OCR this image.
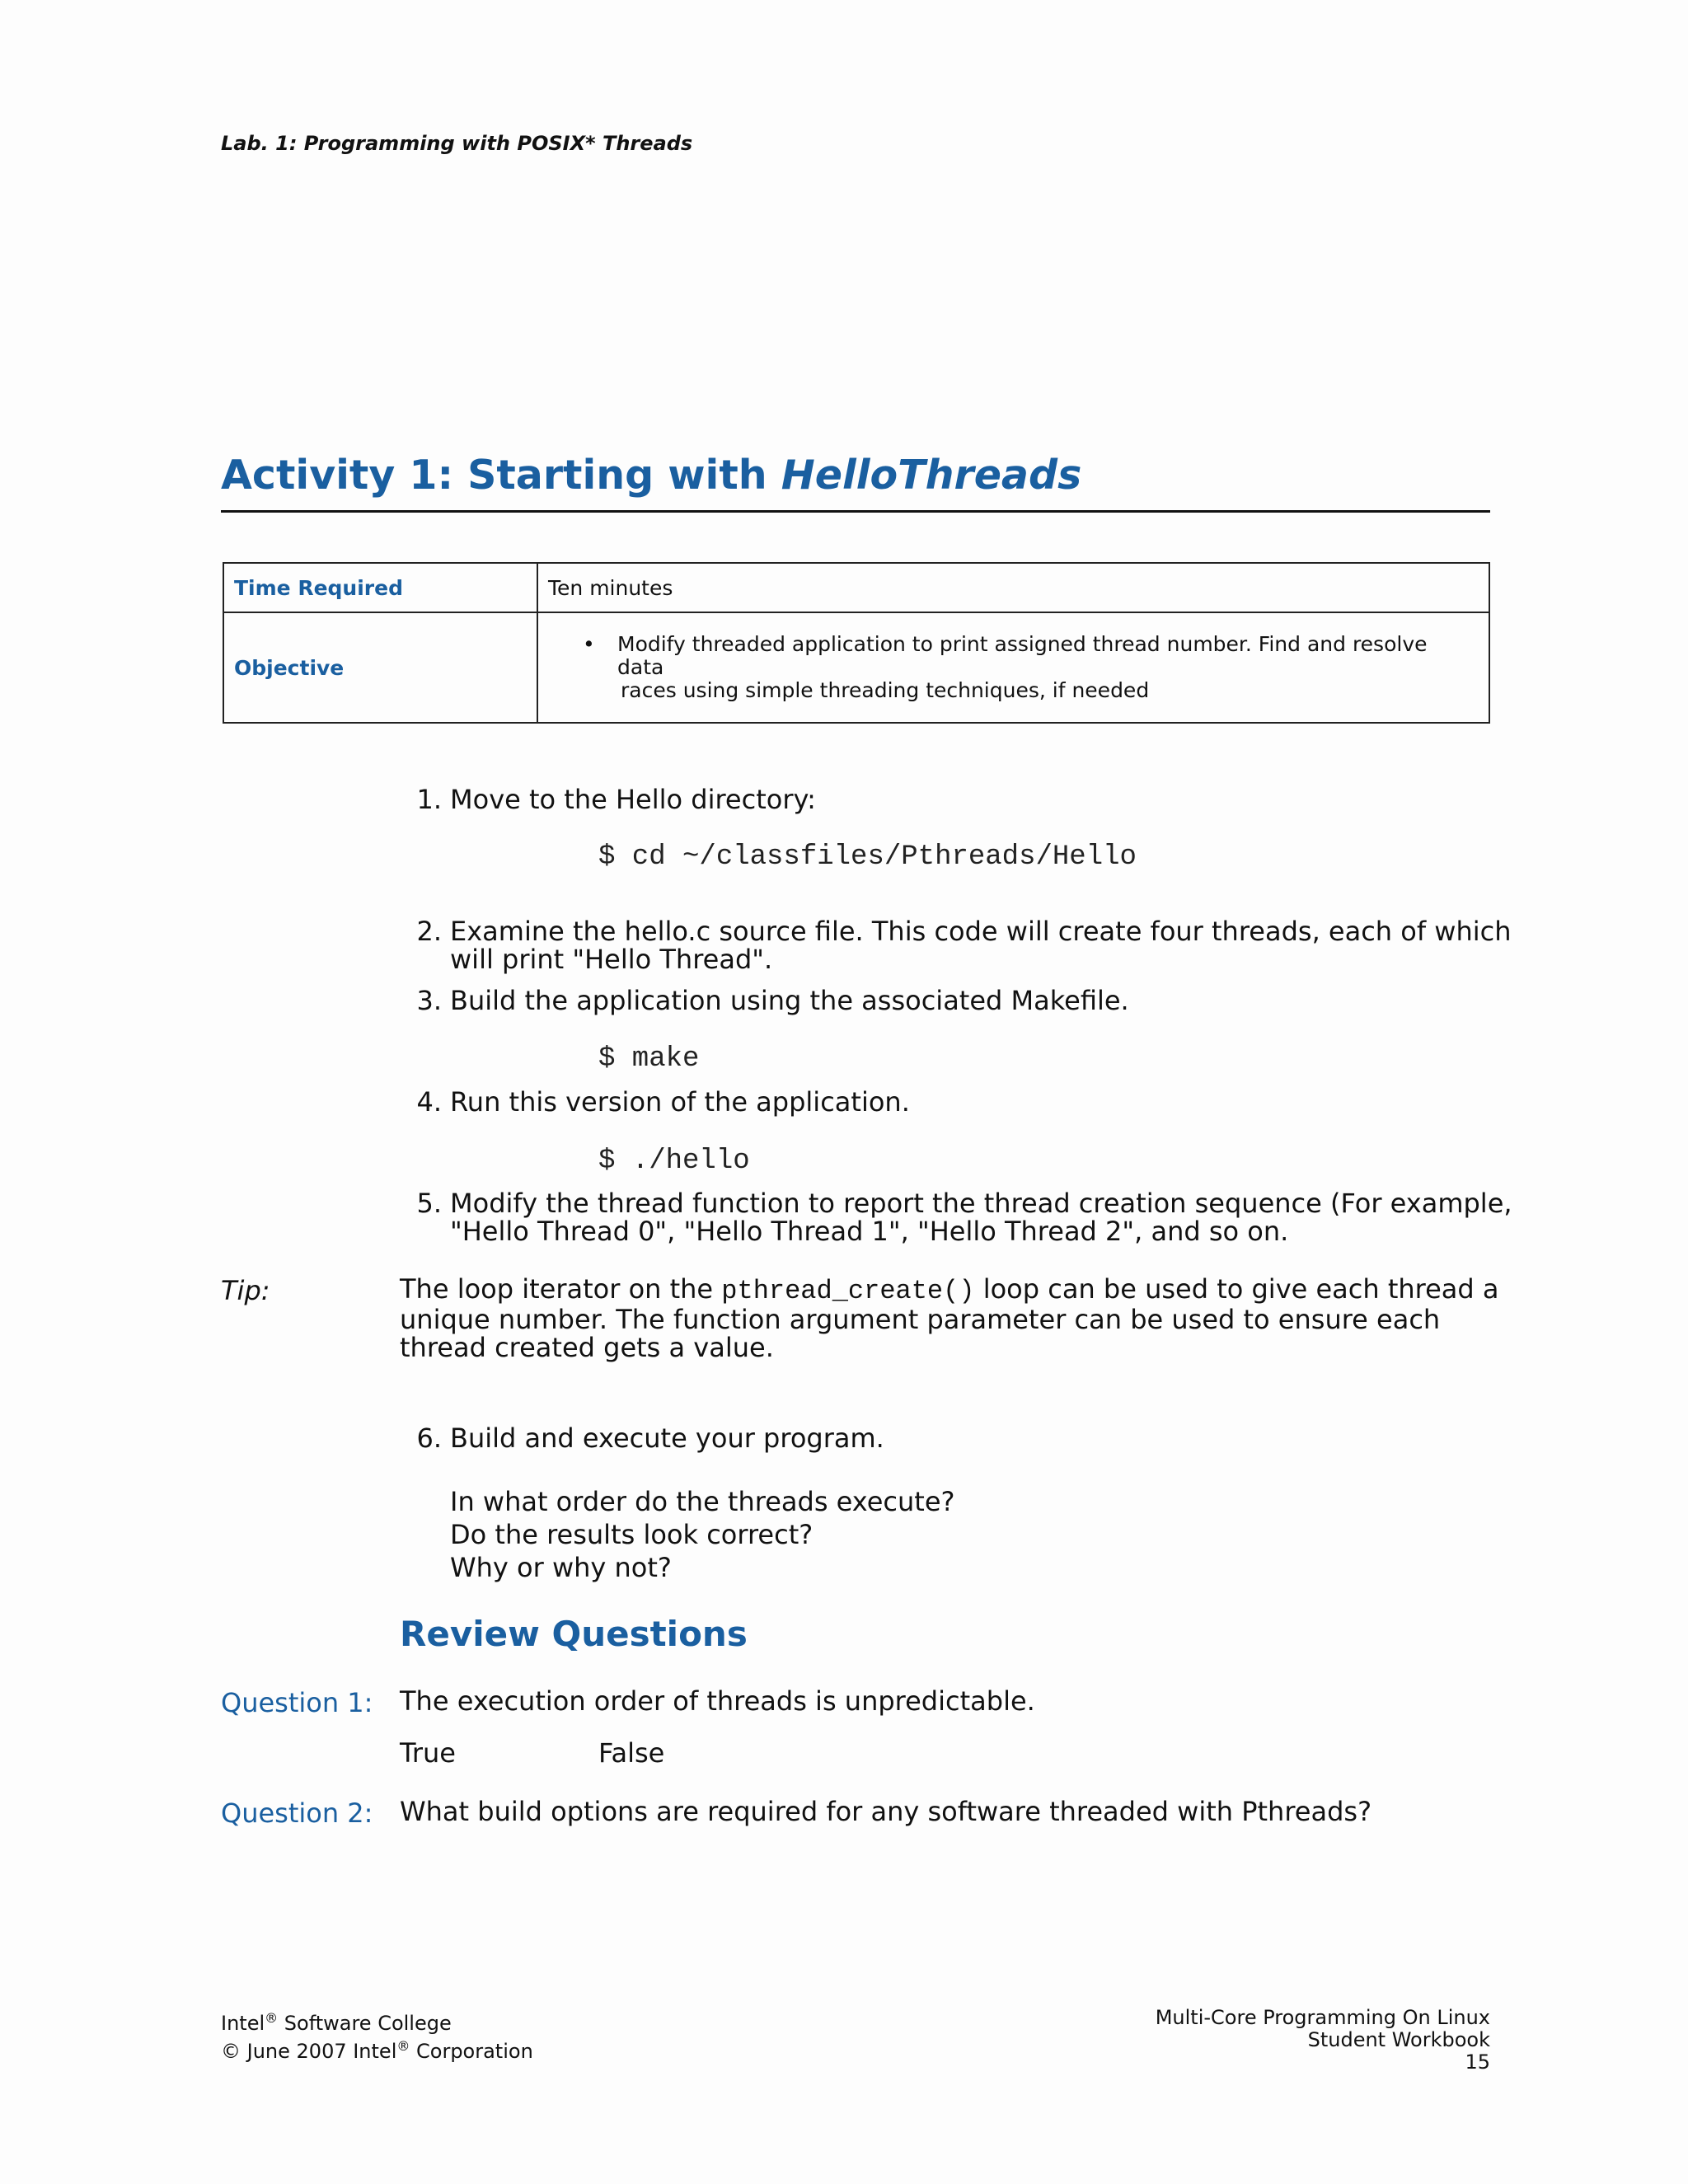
Lab. 1: Programming with POSIX* Threads
Activity 1: Starting with HelloThreads
Time Required	Ten minutes
Objective	• Modify threaded application to print assigned thread number. Find and resolve data
races using simple threading techniques, if needed
1. Move to the Hello directory:
$ cd ~/classfiles/Pthreads/Hello
2. Examine the hello.c source file. This code will create four threads, each of which
will print "Hello Thread".
3. Build the application using the associated Makefile.
$ make
4. Run this version of the application.
$ ./hello
5. Modify the thread function to report the thread creation sequence (For example,
"Hello Thread 0", "Hello Thread 1", "Hello Thread 2", and so on.
Tip:	The loop iterator on the pthread_create() loop can be used to give each thread a unique number. The function argument parameter can be used to ensure each thread created gets a value.
6. Build and execute your program.
In what order do the threads execute?
Do the results look correct?
Why or why not?
Review Questions
Question 1: The execution order of threads is unpredictable.
True	False
Question 2: What build options are required for any software threaded with Pthreads?
Intel® Software College
© June 2007 Intel® Corporation
Multi-Core Programming On Linux
Student Workbook
15
